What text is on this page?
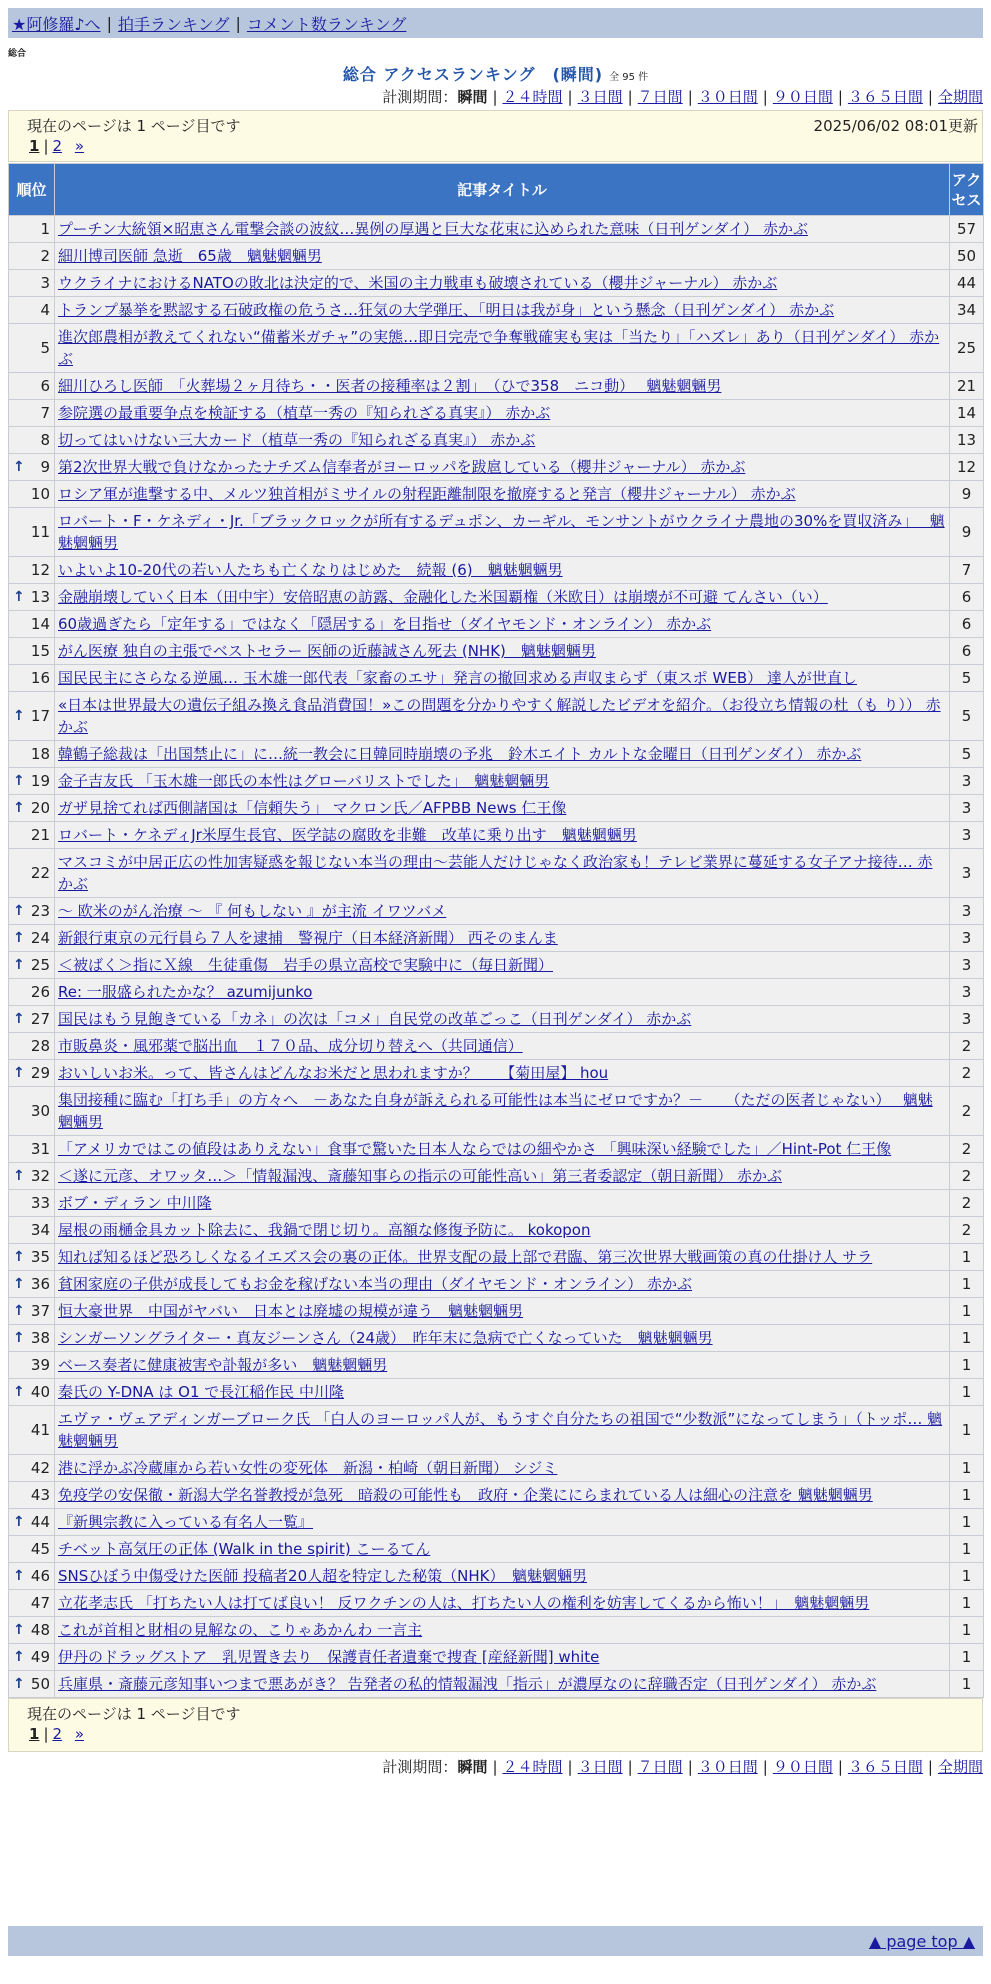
★阿修羅♪へ | 拍手ランキング | コメント数ランキング
総合
総合 アクセスランキング　(瞬間) 全 95 件
計測期間：瞬間 | ２４時間 | ３日間 | ７日間 | ３０日間 | ９０日間 | ３６５日間 | 全期間
現在のページは 1 ページ目です	2025/06/02 08:01更新
1 | 2 »
順位	記事タイトル	アクセス
1	プーチン大統領×昭恵さん電撃会談の波紋…異例の厚遇と巨大な花束に込められた意味（日刊ゲンダイ） 赤かぶ	57
2	細川博司医師 急逝　65歳　魑魅魍魎男	50
3	ウクライナにおけるNATOの敗北は決定的で、米国の主力戦車も破壊されている（櫻井ジャーナル） 赤かぶ	44
4	トランプ暴挙を黙認する石破政権の危うさ…狂気の大学弾圧、「明日は我が身」という懸念（日刊ゲンダイ） 赤かぶ	34
5	進次郎農相が教えてくれない“備蓄米ガチャ”の実態…即日完売で争奪戦確実も実は「当たり」「ハズレ」あり（日刊ゲンダイ） 赤かぶ	25
6	細川ひろし医師　「火葬場２ヶ月待ち・・医者の接種率は２割」　（ひで358　ニコ動）　 魑魅魍魎男	21
7	参院選の最重要争点を検証する（植草一秀の『知られざる真実』） 赤かぶ	14
8	切ってはいけない三大カード（植草一秀の『知られざる真実』） 赤かぶ	13

↑ 9	第2次世界大戦で負けなかったナチズム信奉者がヨーロッパを跋扈している（櫻井ジャーナル） 赤かぶ	12
10	ロシア軍が進撃する中、メルツ独首相がミサイルの射程距離制限を撤廃すると発言（櫻井ジャーナル） 赤かぶ	9
11	ロバート・F・ケネディ・Jr.「ブラックロックが所有するデュポン、カーギル、モンサントがウクライナ農地の30%を買収済み」　 魑魅魍魎男	9
12	いよいよ10-20代の若い人たちも亡くなりはじめた　続報 (6)　魑魅魍魎男	7

↑ 13	金融崩壊していく日本（田中宇）安倍昭恵の訪露、金融化した米国覇権（米欧日）は崩壊が不可避 てんさい（い）	6
14	60歳過ぎたら「定年する」ではなく「隠居する」を目指せ（ダイヤモンド・オンライン） 赤かぶ	6
15	がん医療 独自の主張でベストセラー 医師の近藤誠さん死去 (NHK)　魑魅魍魎男	6
16	国民民主にさらなる逆風… 玉木雄一郎代表「家畜のエサ」発言の撤回求める声収まらず（東スポ WEB） 達人が世直し	5

↑ 17	«日本は世界最大の遺伝子組み換え食品消費国！»この問題を分かりやすく解説したビデオを紹介。（お役立ち情報の杜（も り）） 赤かぶ	5
18	韓鶴子総裁は「出国禁止に」に…統一教会に日韓同時崩壊の予兆　鈴木エイト カルトな金曜日（日刊ゲンダイ） 赤かぶ	5

↑ 19	金子吉友氏 「玉木雄一郎氏の本性はグローバリストでした」　魑魅魍魎男	3

↑ 20	ガザ見捨てれば西側諸国は「信頼失う」 マクロン氏／AFPBB News 仁王像	3
21	ロバート・ケネディJr米厚生長官、医学誌の腐敗を非難　改革に乗り出す　魑魅魍魎男	3
22	マスコミが中居正広の性加害疑惑を報じない本当の理由～芸能人だけじゃなく政治家も！テレビ業界に蔓延する女子アナ接待… 赤かぶ	3

↑ 23	～ 欧米のがん治療 ～ 『 何もしない 』が主流 イワツバメ	3

↑ 24	新銀行東京の元行員ら７人を逮捕　警視庁（日本経済新聞） 西そのまんま	3

↑ 25	＜被ばく＞指にＸ線　生徒重傷　岩手の県立高校で実験中に（毎日新聞）	3
26	Re: 一服盛られたかな？ azumijunko	3

↑ 27	国民はもう見飽きている「カネ」の次は「コメ」自民党の改革ごっこ（日刊ゲンダイ） 赤かぶ	3
28	市販鼻炎・風邪薬で脳出血　１７０品、成分切り替えへ（共同通信）	2

↑ 29	おいしいお米。って、皆さんはどんなお米だと思われますか？　　【菊田屋】 hou	2
30	集団接種に臨む「打ち手」の方々へ　－あなた自身が訴えられる可能性は本当にゼロですか？－　　（ただの医者じゃない）　 魑魅魍魎男	2
31	「アメリカではこの値段はありえない」食事で驚いた日本人ならではの細やかさ 「興味深い経験でした」／Hint-Pot 仁王像	2

↑ 32	＜遂に元彦、オワッタ…＞「情報漏洩、斎藤知事らの指示の可能性高い」第三者委認定（朝日新聞） 赤かぶ	2
33	ボブ・ディラン 中川隆	2
34	屋根の雨樋金具カット除去に、我鍋で閉じ切り。高額な修復予防に。 kokopon	2

↑ 35	知れば知るほど恐ろしくなるイエズス会の裏の正体。世界支配の最上部で君臨、第三次世界大戦画策の真の仕掛け人 サラ	1

↑ 36	貧困家庭の子供が成長してもお金を稼げない本当の理由（ダイヤモンド・オンライン） 赤かぶ	1

↑ 37	恒大豪世界　中国がヤバい　日本とは廃墟の規模が違う　魑魅魍魎男	1

↑ 38	シンガーソングライター・真友ジーンさん（24歳）　昨年末に急病で亡くなっていた　魑魅魍魎男	1
39	ベース奏者に健康被害や訃報が多い　魑魅魍魎男	1

↑ 40	秦氏の Y-DNA は O1 で長江稲作民 中川隆	1
41	エヴァ・ヴェアディンガーブローク氏 「白人のヨーロッパ人が、もうすぐ自分たちの祖国で“少数派”になってしまう」（トッポ… 魑魅魍魎男	1
42	港に浮かぶ冷蔵庫から若い女性の変死体　新潟・柏崎（朝日新聞） シジミ	1
43	免疫学の安保徹・新潟大学名誉教授が急死　暗殺の可能性も　政府・企業ににらまれている人は細心の注意を 魑魅魍魎男	1

↑ 44	『新興宗教に入っている有名人一覧』	1
45	チベット高気圧の正体 (Walk in the spirit) こーるてん	1

↑ 46	SNSひぼう中傷受けた医師 投稿者20人超を特定した秘策（NHK）　魑魅魍魎男	1
47	立花孝志氏 「打ちたい人は打てば良い！ 反ワクチンの人は、打ちたい人の権利を妨害してくるから怖い！」　魑魅魍魎男	1

↑ 48	これが首相と財相の見解なの、こりゃあかんわ 一言主	1

↑ 49	伊丹のドラッグストア　乳児置き去り　保護責任者遺棄で捜査 [産経新聞] white	1

↑ 50	兵庫県・斎藤元彦知事いつまで悪あがき？ 告発者の私的情報漏洩「指示」が濃厚なのに辞職否定（日刊ゲンダイ） 赤かぶ	1
現在のページは 1 ページ目です
1 | 2 »
計測期間：瞬間 | ２４時間 | ３日間 | ７日間 | ３０日間 | ９０日間 | ３６５日間 | 全期間
▲ page top ▲
